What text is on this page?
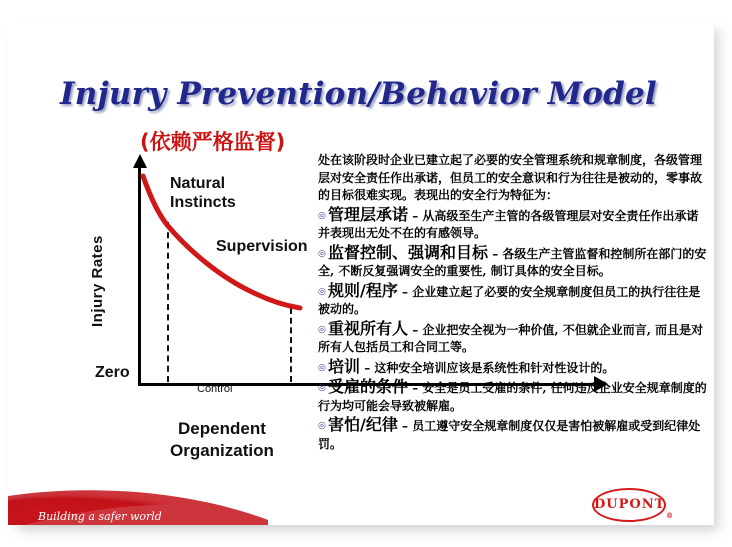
Injury Prevention/Behavior Model
(依赖严格监督)
Injury Rates
Zero
Natural
Instincts
Supervision
Control
Dependent
Organization
处在该阶段时企业已建立起了必要的安全管理系统和规章制度，各级管理层对安全责任作出承诺，但员工的安全意识和行为往往是被动的，零事故的目标很难实现。表现出的安全行为特征为：
◎ 管理层承诺 – 从高级至生产主管的各级管理层对安全责任作出承诺并表现出无处不在的有感领导。
◎ 监督控制、强调和目标 – 各级生产主管监督和控制所在部门的安全, 不断反复强调安全的重要性, 制订具体的安全目标。
◎ 规则/程序 – 企业建立起了必要的安全规章制度但员工的执行往往是被动的。
◎ 重视所有人 – 企业把安全视为一种价值, 不但就企业而言, 而且是对所有人包括员工和合同工等。
◎ 培训 – 这种安全培训应该是系统性和针对性设计的。
◎ 受雇的条件 – 安全是员工受雇的条件, 任何违反企业安全规章制度的行为均可能会导致被解雇。
◎ 害怕/纪律 – 员工遵守安全规章制度仅仅是害怕被解雇或受到纪律处罚。
Building a safer world
DUPONT
®
